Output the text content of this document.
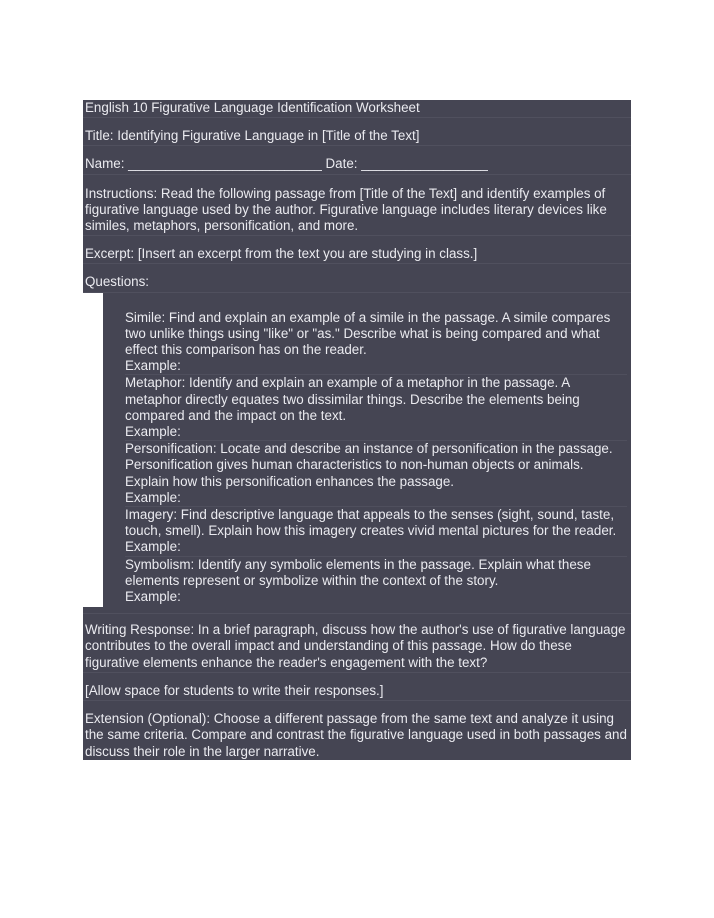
English 10 Figurative Language Identification Worksheet
Title: Identifying Figurative Language in [Title of the Text]
Name: __________________________ Date: _________________
Instructions: Read the following passage from [Title of the Text] and identify examples of figurative language used by the author. Figurative language includes literary devices like similes, metaphors, personification, and more.
Excerpt: [Insert an excerpt from the text you are studying in class.]
Questions:
Simile: Find and explain an example of a simile in the passage. A simile compares two unlike things using "like" or "as." Describe what is being compared and what effect this comparison has on the reader.
Example:
Metaphor: Identify and explain an example of a metaphor in the passage. A metaphor directly equates two dissimilar things. Describe the elements being compared and the impact on the text.
Example:
Personification: Locate and describe an instance of personification in the passage. Personification gives human characteristics to non-human objects or animals. Explain how this personification enhances the passage.
Example:
Imagery: Find descriptive language that appeals to the senses (sight, sound, taste, touch, smell). Explain how this imagery creates vivid mental pictures for the reader.
Example:
Symbolism: Identify any symbolic elements in the passage. Explain what these elements represent or symbolize within the context of the story.
Example:
Writing Response: In a brief paragraph, discuss how the author's use of figurative language contributes to the overall impact and understanding of this passage. How do these figurative elements enhance the reader's engagement with the text?
[Allow space for students to write their responses.]
Extension (Optional): Choose a different passage from the same text and analyze it using the same criteria. Compare and contrast the figurative language used in both passages and discuss their role in the larger narrative.
